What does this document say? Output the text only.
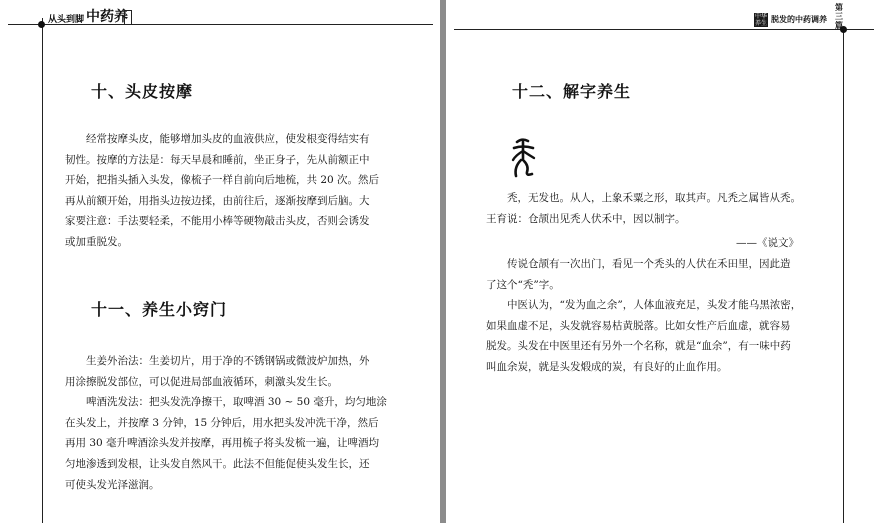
从头到脚 中药养	中华养生 脱发的中药调养
第三篇
十、头皮按摩
经常按摩头皮，能够增加头皮的血液供应，使发根变得结实有
韧性。按摩的方法是：每天早晨和睡前，坐正身子，先从前额正中
开始，把指头插入头发，像梳子一样自前向后地梳，共 20 次。然后
再从前额开始，用指头边按边揉，由前往后，逐渐按摩到后脑。大
家要注意：手法要轻柔，不能用小棒等硬物敲击头皮，否则会诱发
或加重脱发。
十一、养生小窍门
生姜外治法：生姜切片，用于净的不锈钢锅或微波炉加热，外
用涂擦脱发部位，可以促进局部血液循环，刺激头发生长。
啤酒洗发法：把头发洗净擦干，取啤酒 30 ~ 50 毫升，均匀地涂
在头发上，并按摩 3 分钟，15 分钟后，用水把头发冲洗干净，然后
再用 30 毫升啤酒涂头发并按摩，再用梳子将头发梳一遍，让啤酒均
匀地渗透到发根，让头发自然风干。此法不但能促使头发生长，还
可使头发光泽滋润。
十二、解字养生
秃，无发也。从人，上象禾粟之形，取其声。凡秃之属皆从秃。
王育说：仓颉出见秃人伏禾中，因以制字。
——《说文》
传说仓颉有一次出门，看见一个秃头的人伏在禾田里，因此造
了这个“秃”字。
中医认为，“发为血之余”，人体血液充足，头发才能乌黑浓密，
如果血虚不足，头发就容易枯黄脱落。比如女性产后血虚，就容易
脱发。头发在中医里还有另外一个名称，就是“血余”，有一味中药
叫血余炭，就是头发煅成的炭，有良好的止血作用。
